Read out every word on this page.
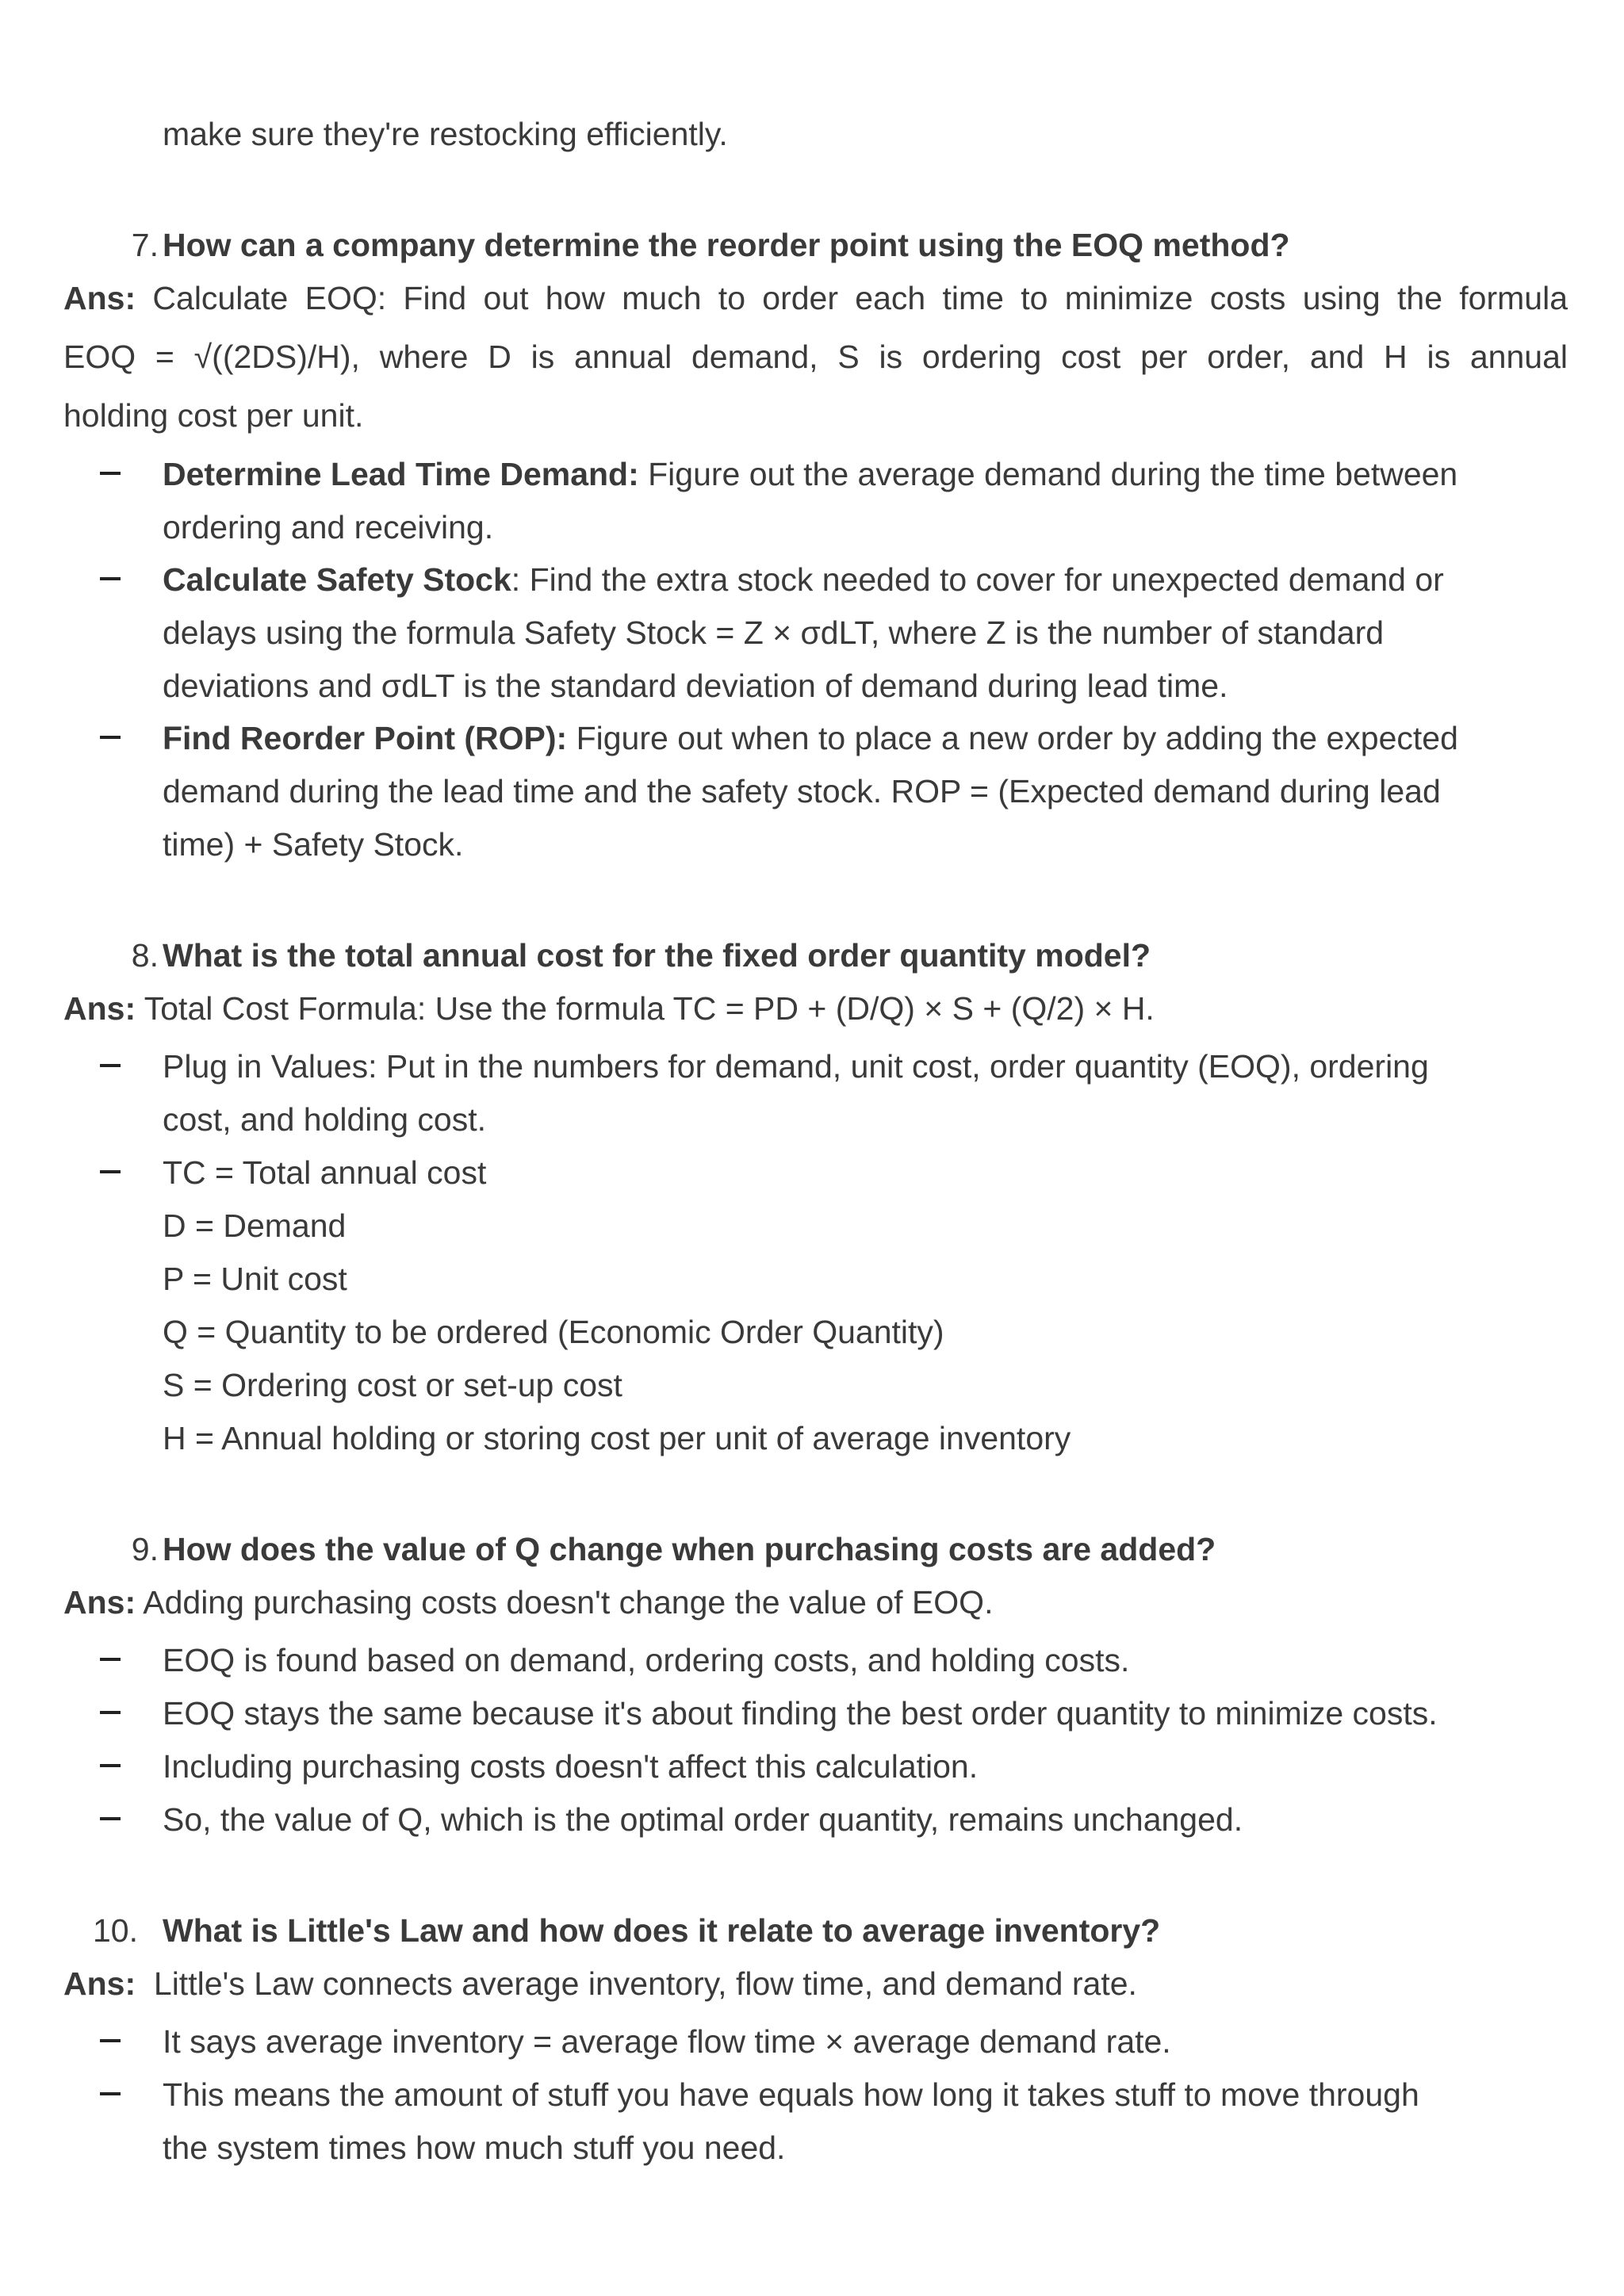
make sure they're restocking efficiently.
7. How can a company determine the reorder point using the EOQ method?
Ans: Calculate EOQ: Find out how much to order each time to minimize costs using the formula
EOQ = √((2DS)/H), where D is annual demand, S is ordering cost per order, and H is annual
holding cost per unit.
Determine Lead Time Demand: Figure out the average demand during the time between
ordering and receiving.
Calculate Safety Stock: Find the extra stock needed to cover for unexpected demand or
delays using the formula Safety Stock = Z × σdLT, where Z is the number of standard
deviations and σdLT is the standard deviation of demand during lead time.
Find Reorder Point (ROP): Figure out when to place a new order by adding the expected
demand during the lead time and the safety stock. ROP = (Expected demand during lead
time) + Safety Stock.
8. What is the total annual cost for the fixed order quantity model?
Ans: Total Cost Formula: Use the formula TC = PD + (D/Q) × S + (Q/2) × H.
Plug in Values: Put in the numbers for demand, unit cost, order quantity (EOQ), ordering
cost, and holding cost.
TC = Total annual cost
D = Demand
P = Unit cost
Q = Quantity to be ordered (Economic Order Quantity)
S = Ordering cost or set-up cost
H = Annual holding or storing cost per unit of average inventory
9. How does the value of Q change when purchasing costs are added?
Ans: Adding purchasing costs doesn't change the value of EOQ.
EOQ is found based on demand, ordering costs, and holding costs.
EOQ stays the same because it's about finding the best order quantity to minimize costs.
Including purchasing costs doesn't affect this calculation.
So, the value of Q, which is the optimal order quantity, remains unchanged.
10. What is Little's Law and how does it relate to average inventory?
Ans:  Little's Law connects average inventory, flow time, and demand rate.
It says average inventory = average flow time × average demand rate.
This means the amount of stuff you have equals how long it takes stuff to move through
the system times how much stuff you need.
